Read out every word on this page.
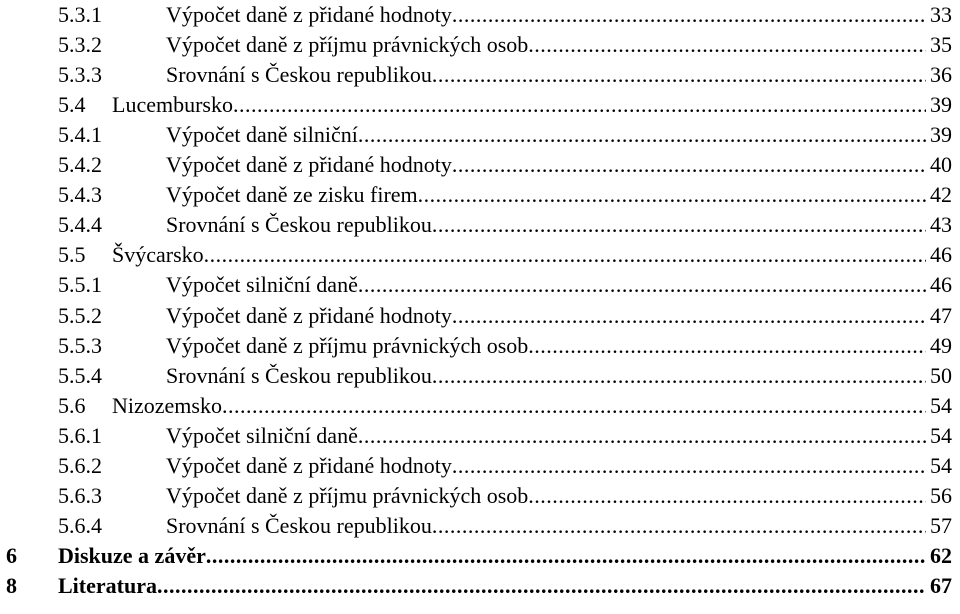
5.3.1	Výpočet daně z přidané hodnoty .....	33
5.3.2	Výpočet daně z příjmu právnických osob .....	35
5.3.3	Srovnání s Českou republikou .....	36
5.4 Lucembursko .....	39
5.4.1	Výpočet daně silniční .....	39
5.4.2	Výpočet daně z přidané hodnoty .....	40
5.4.3	Výpočet daně ze zisku firem .....	42
5.4.4	Srovnání s Českou republikou .....	43
5.5 Švýcarsko .....	46
5.5.1	Výpočet silniční daně .....	46
5.5.2	Výpočet daně z přidané hodnoty .....	47
5.5.3	Výpočet daně z příjmu právnických osob .....	49
5.5.4	Srovnání s Českou republikou .....	50
5.6 Nizozemsko .....	54
5.6.1	Výpočet silniční daně .....	54
5.6.2	Výpočet daně z přidané hodnoty .....	54
5.6.3	Výpočet daně z příjmu právnických osob .....	56
5.6.4	Srovnání s Českou republikou .....	57
6 Diskuze a závěr .....	62
8 Literatura .....	67
